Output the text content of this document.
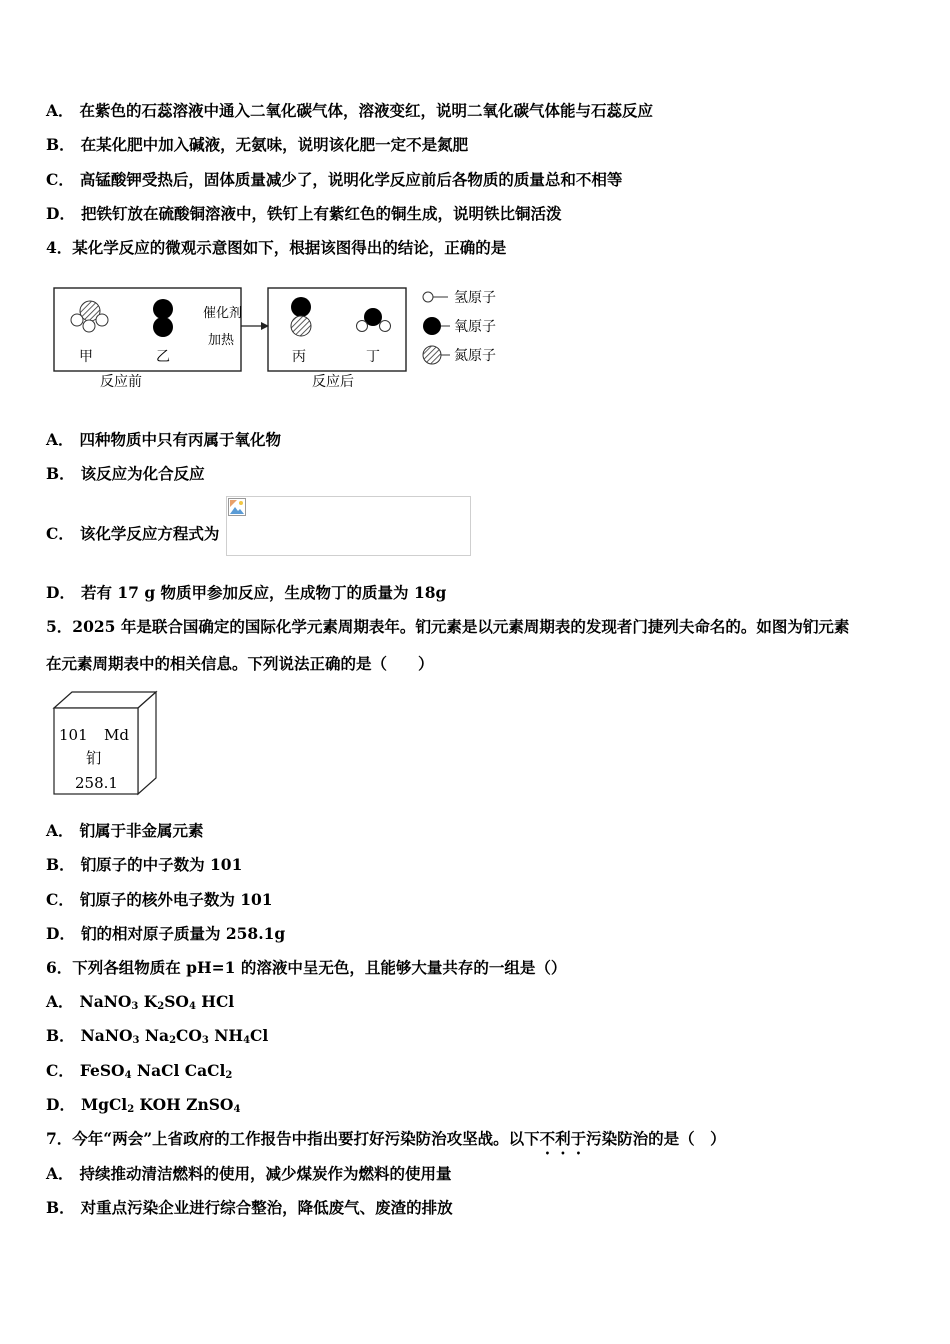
A． 在紫色的石蕊溶液中通入二氧化碳气体，溶液变红，说明二氧化碳气体能与石蕊反应
B． 在某化肥中加入碱液，无氨味，说明该化肥一定不是氮肥
C． 高锰酸钾受热后，固体质量减少了，说明化学反应前后各物质的质量总和不相等
D． 把铁钉放在硫酸铜溶液中，铁钉上有紫红色的铜生成，说明铁比铜活泼
4．某化学反应的微观示意图如下，根据该图得出的结论，正确的是
甲	乙
反应前
催化剂
加热
丙	丁
反应后
氢原子
氧原子
氮原子
A． 四种物质中只有丙属于氧化物
B． 该反应为化合反应
C． 该化学反应方程式为
D． 若有 17 g 物质甲参加反应，生成物丁的质量为 18g
5．2025 年是联合国确定的国际化学元素周期表年。钔元素是以元素周期表的发现者门捷列夫命名的。如图为钔元素
在元素周期表中的相关信息。下列说法正确的是（　　）
101 Md
钔
258.1
A． 钔属于非金属元素
B． 钔原子的中子数为 101
C． 钔原子的核外电子数为 101
D． 钔的相对原子质量为 258.1g
6．下列各组物质在 pH=1 的溶液中呈无色，且能够大量共存的一组是（）
A． NaNO$_3$ $K_2SO_4$ HCl
B． NaNO$_3$ $Na_2CO_3$ $NH_4Cl$
C． FeSO$_4$ NaCl CaCl$_2$
D． MgCl$_2$ KOH ZnSO$_4$
7．今年“两会”上省政府的工作报告中指出要打好污染防治攻坚战。以下不利于污染防治的是（　）
A． 持续推动清洁燃料的使用，减少煤炭作为燃料的使用量
B． 对重点污染企业进行综合整治，降低废气、废渣的排放
